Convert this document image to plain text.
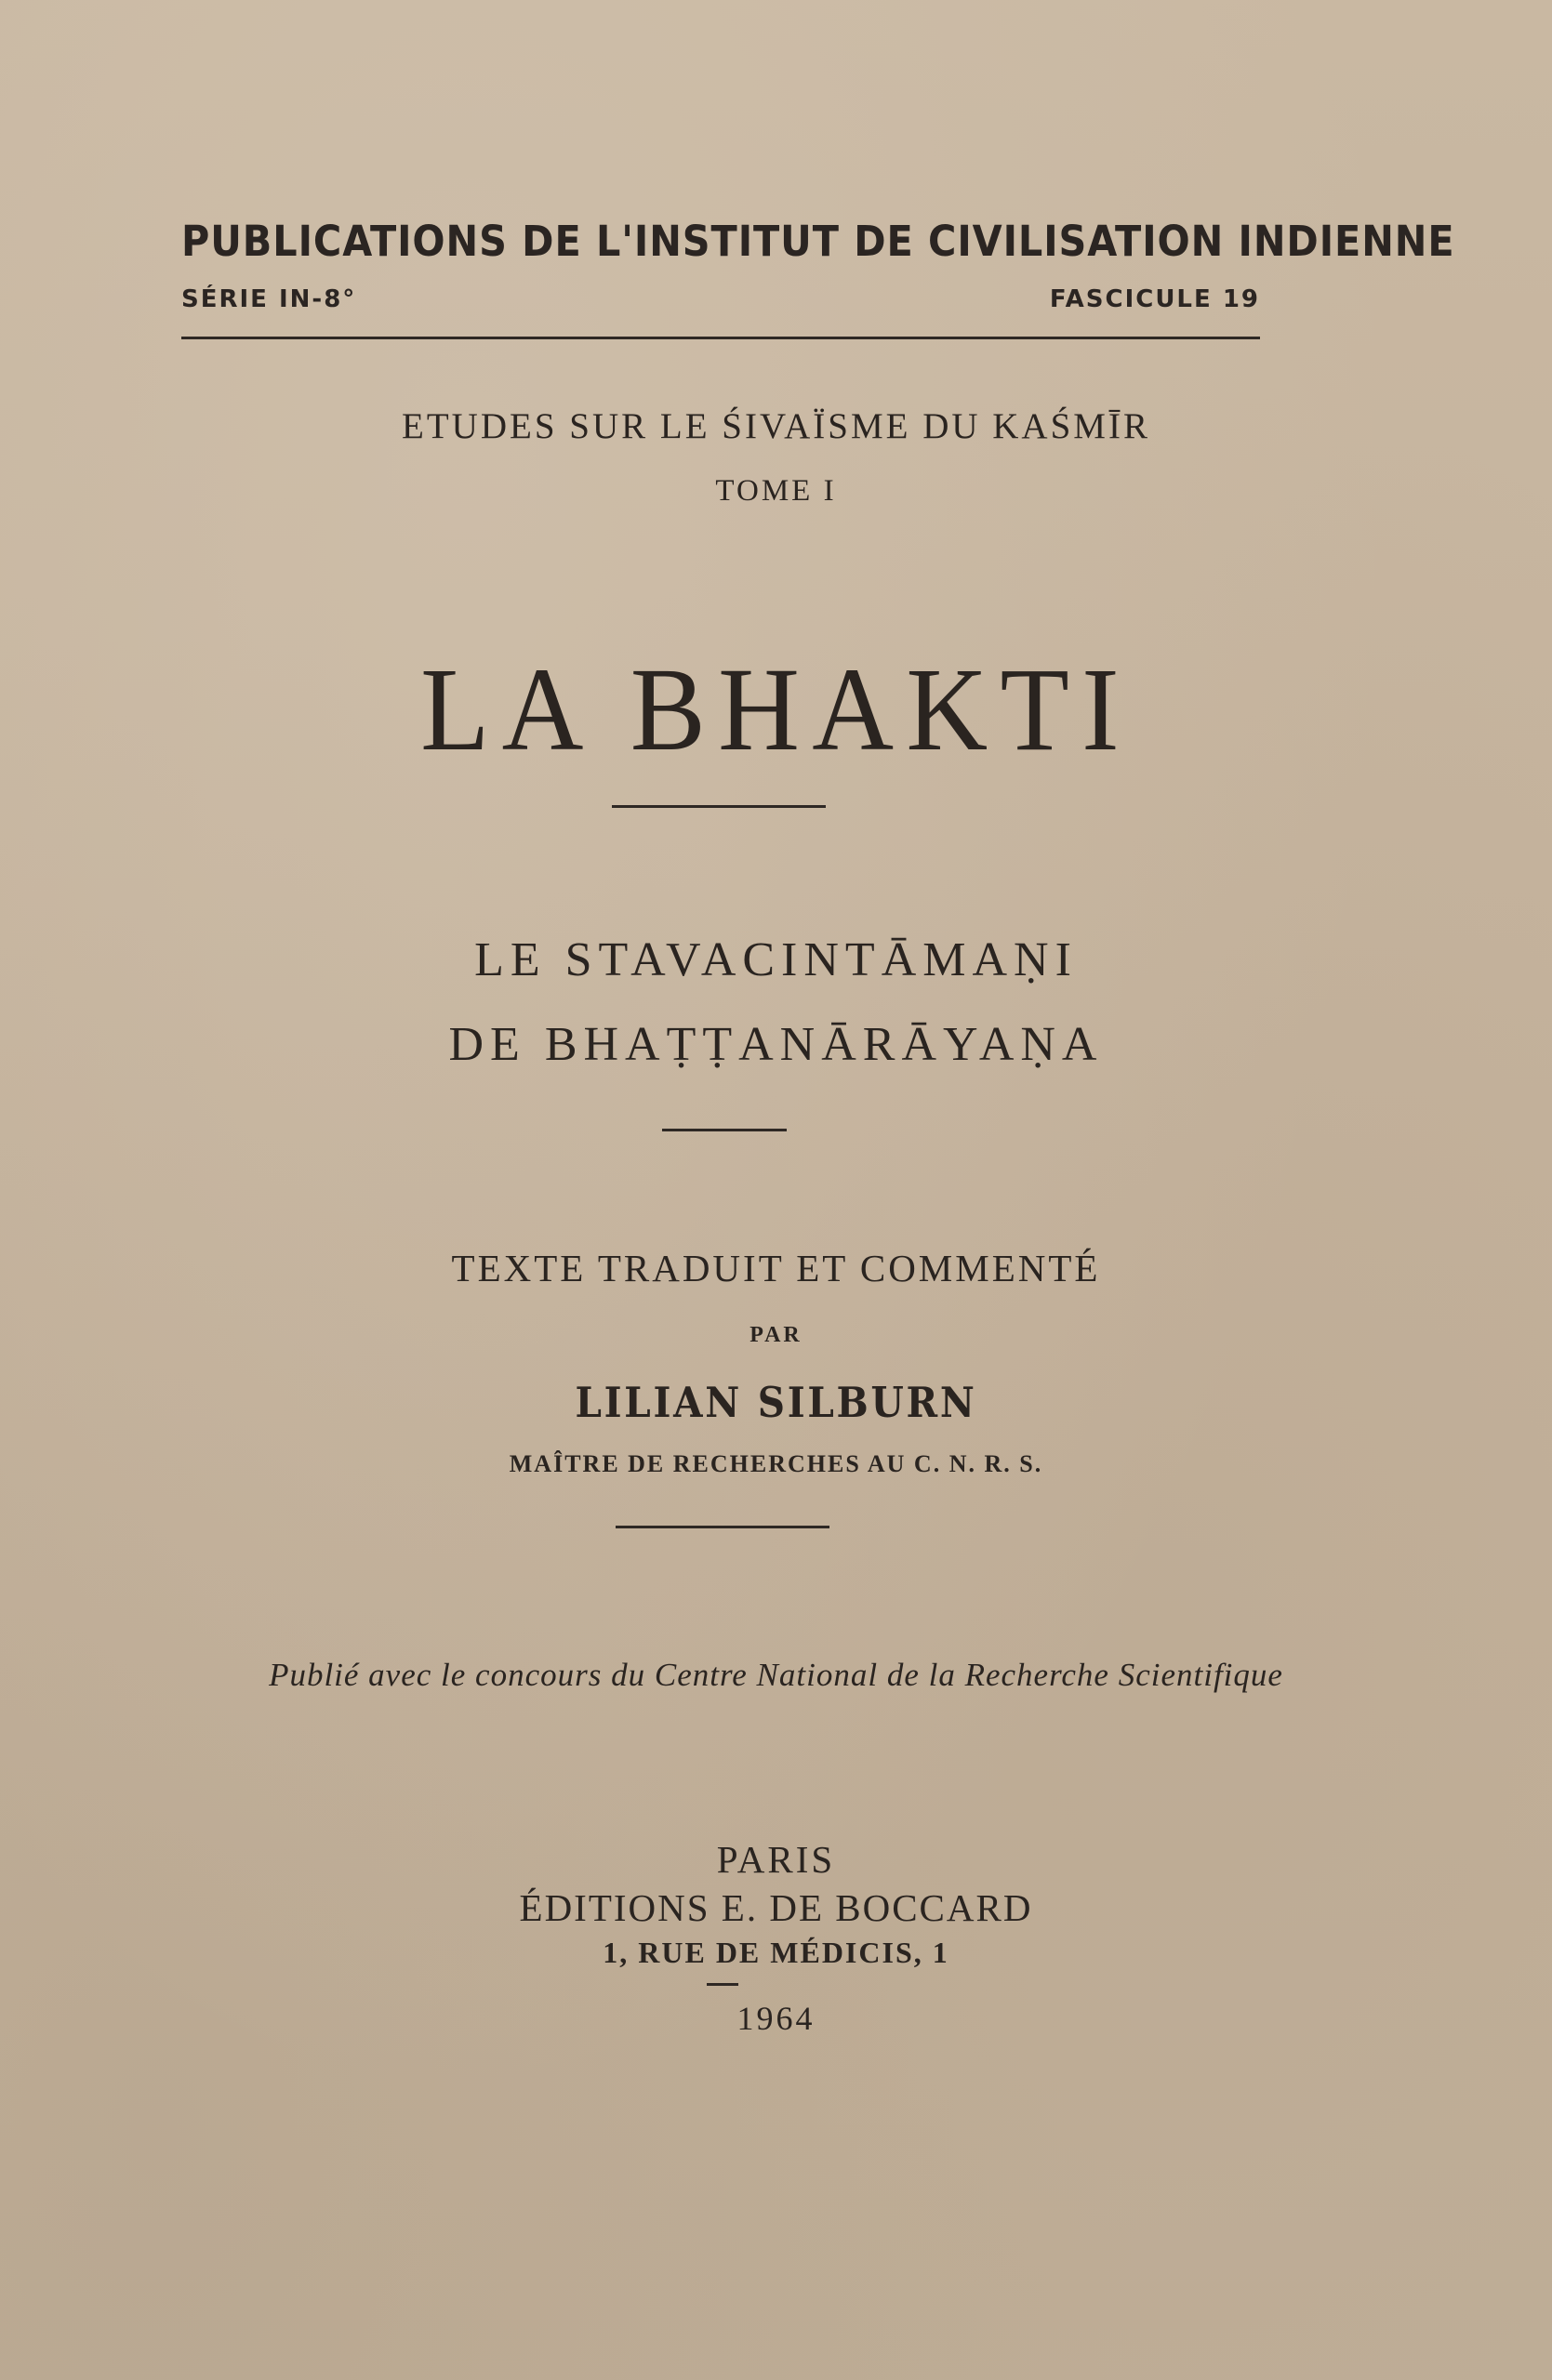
PUBLICATIONS DE L'INSTITUT DE CIVILISATION INDIENNE
SÉRIE IN-8°	FASCICULE 19
ETUDES SUR LE ŚIVAÏSME DU KAŚMĪR
TOME I
LA BHAKTI
LE STAVACINTĀMAṆI
DE BHAṬṬANĀRĀYAṆA
TEXTE TRADUIT ET COMMENTÉ
PAR
LILIAN SILBURN
MAÎTRE DE RECHERCHES AU C. N. R. S.
Publié avec le concours du Centre National de la Recherche Scientifique
PARIS
ÉDITIONS E. DE BOCCARD
1, RUE DE MÉDICIS, 1
1964
